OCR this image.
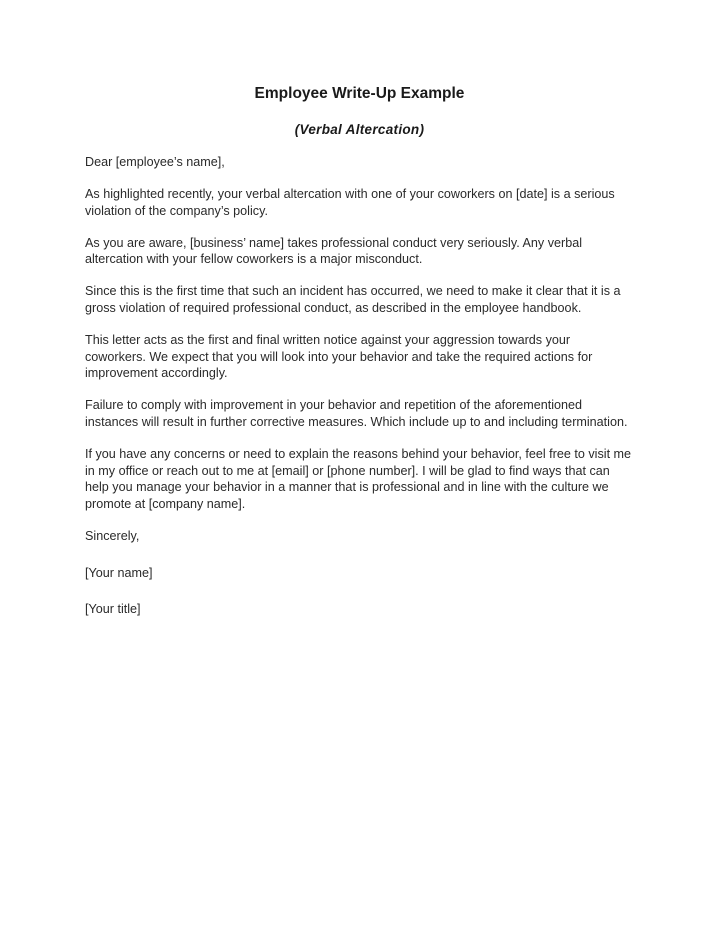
Employee Write-Up Example
(Verbal Altercation)

Dear [employee’s name],

As highlighted recently, your verbal altercation with one of your coworkers on [date] is a serious violation of the company’s policy.

As you are aware, [business’ name] takes professional conduct very seriously. Any verbal altercation with your fellow coworkers is a major misconduct.

Since this is the first time that such an incident has occurred, we need to make it clear that it is a gross violation of required professional conduct, as described in the employee handbook.

This letter acts as the first and final written notice against your aggression towards your coworkers. We expect that you will look into your behavior and take the required actions for improvement accordingly.

Failure to comply with improvement in your behavior and repetition of the aforementioned instances will result in further corrective measures. Which include up to and including termination.

If you have any concerns or need to explain the reasons behind your behavior, feel free to visit me in my office or reach out to me at [email] or [phone number]. I will be glad to find ways that can help you manage your behavior in a manner that is professional and in line with the culture we promote at [company name].

Sincerely,

[Your name]

[Your title]
